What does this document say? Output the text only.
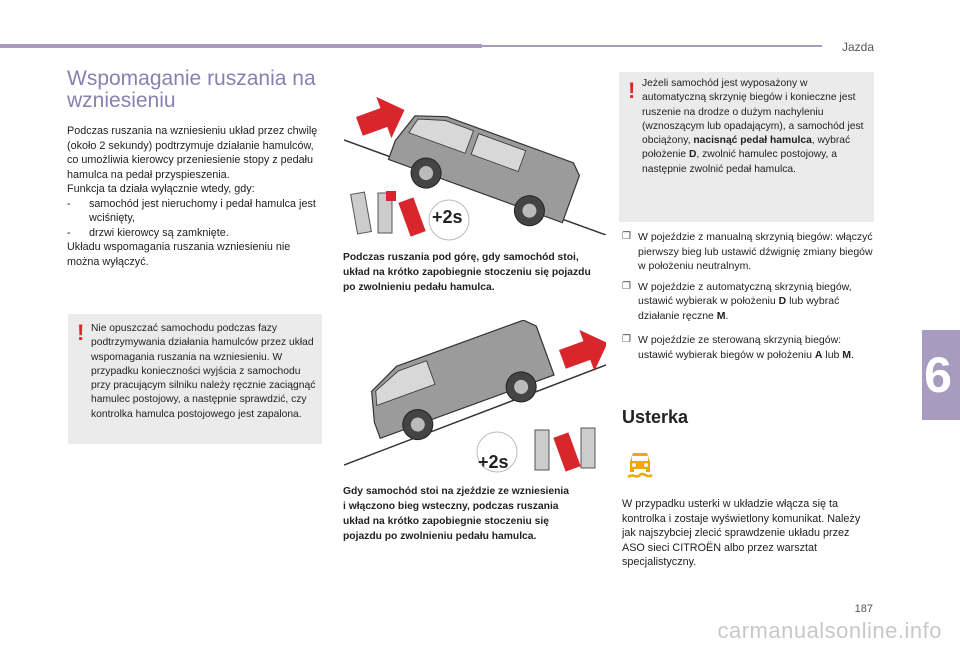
Jazda
6
187
carmanualsonline.info
Wspomaganie ruszania na wzniesieniu

Podczas ruszania na wzniesieniu układ przez chwilę (około 2 sekundy) podtrzymuje działanie hamulców, co umożliwia kierowcy przeniesienie stopy z pedału hamulca na pedał przyspieszenia.

Funkcja ta działa wyłącznie wtedy, gdy:

-	samochód jest nieruchomy i pedał hamulca jest wciśnięty,
-	drzwi kierowcy są zamknięte.

Układu wspomagania ruszania wzniesieniu nie można wyłączyć.

! Nie opuszczać samochodu podczas fazy podtrzymywania działania hamulców przez układ wspomagania ruszania na wzniesieniu. W przypadku konieczności wyjścia z samochodu przy pracującym silniku należy ręcznie zaciągnąć hamulec postojowy, a następnie sprawdzić, czy kontrolka hamulca postojowego jest zapalona.
+2s
Podczas ruszania pod górę, gdy samochód stoi, układ na krótko zapobiegnie stoczeniu się pojazdu po zwolnieniu pedału hamulca.
+2s
Gdy samochód stoi na zjeździe ze wzniesienia i włączono bieg wsteczny, podczas ruszania układ na krótko zapobiegnie stoczeniu się pojazdu po zwolnieniu pedału hamulca.
! Jeżeli samochód jest wyposażony w automatyczną skrzynię biegów i konieczne jest ruszenie na drodze o dużym nachyleniu (wznoszącym lub opadającym), a samochód jest obciążony, nacisnąć pedał hamulca, wybrać położenie D, zwolnić hamulec postojowy, a następnie zwolnić pedał hamulca.
❐ W pojeździe z manualną skrzynią biegów: włączyć pierwszy bieg lub ustawić dźwignię zmiany biegów w położeniu neutralnym.
❐ W pojeździe z automatyczną skrzynią biegów, ustawić wybierak w położeniu D lub wybrać działanie ręczne M.
❐ W pojeździe ze sterowaną skrzynią biegów: ustawić wybierak biegów w położeniu A lub M.
Usterka
W przypadku usterki w układzie włącza się ta kontrolka i zostaje wyświetlony komunikat. Należy jak najszybciej zlecić sprawdzenie układu przez ASO sieci CITROËN albo przez warsztat specjalistyczny.
